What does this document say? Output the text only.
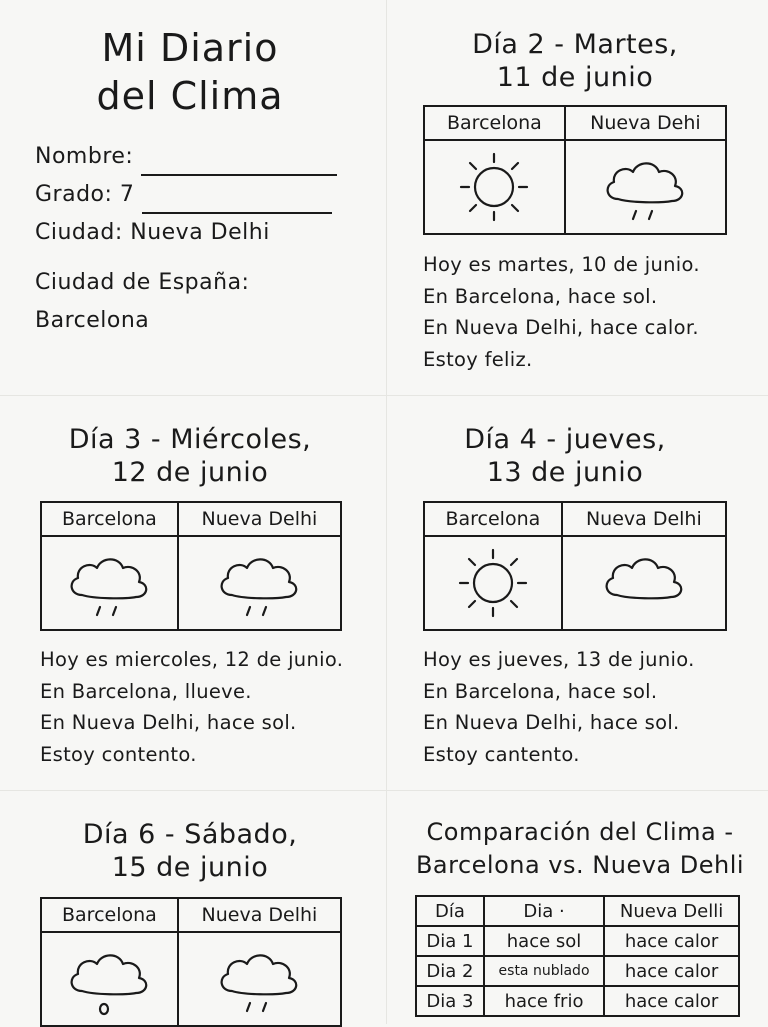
Mi Diario
del Clima
Nombre:
Grado: 7
Ciudad: Nueva Delhi
Ciudad de España:
Barcelona
Día 2 - Martes,
11 de junio
Barcelona	Nueva Dehi

Hoy es martes, 10 de junio.
En Barcelona, hace sol.
En Nueva Delhi, hace calor.
Estoy feliz.
Día 3 - Miércoles,
12 de junio
Barcelona	Nueva Delhi

Hoy es miercoles, 12 de junio.
En Barcelona, llueve.
En Nueva Delhi, hace sol.
Estoy contento.
Día 4 - jueves,
13 de junio
Barcelona	Nueva Delhi

Hoy es jueves, 13 de junio.
En Barcelona, hace sol.
En Nueva Delhi, hace sol.
Estoy cantento.
Día 6 - Sábado,
15 de junio
Barcelona	Nueva Delhi

Comparación del Clima -
Barcelona vs. Nueva Dehli
Día	Dia ·	Nueva Delli
Dia 1	hace sol	hace calor
Dia 2	esta nublado	hace calor
Dia 3	hace frio	hace calor
